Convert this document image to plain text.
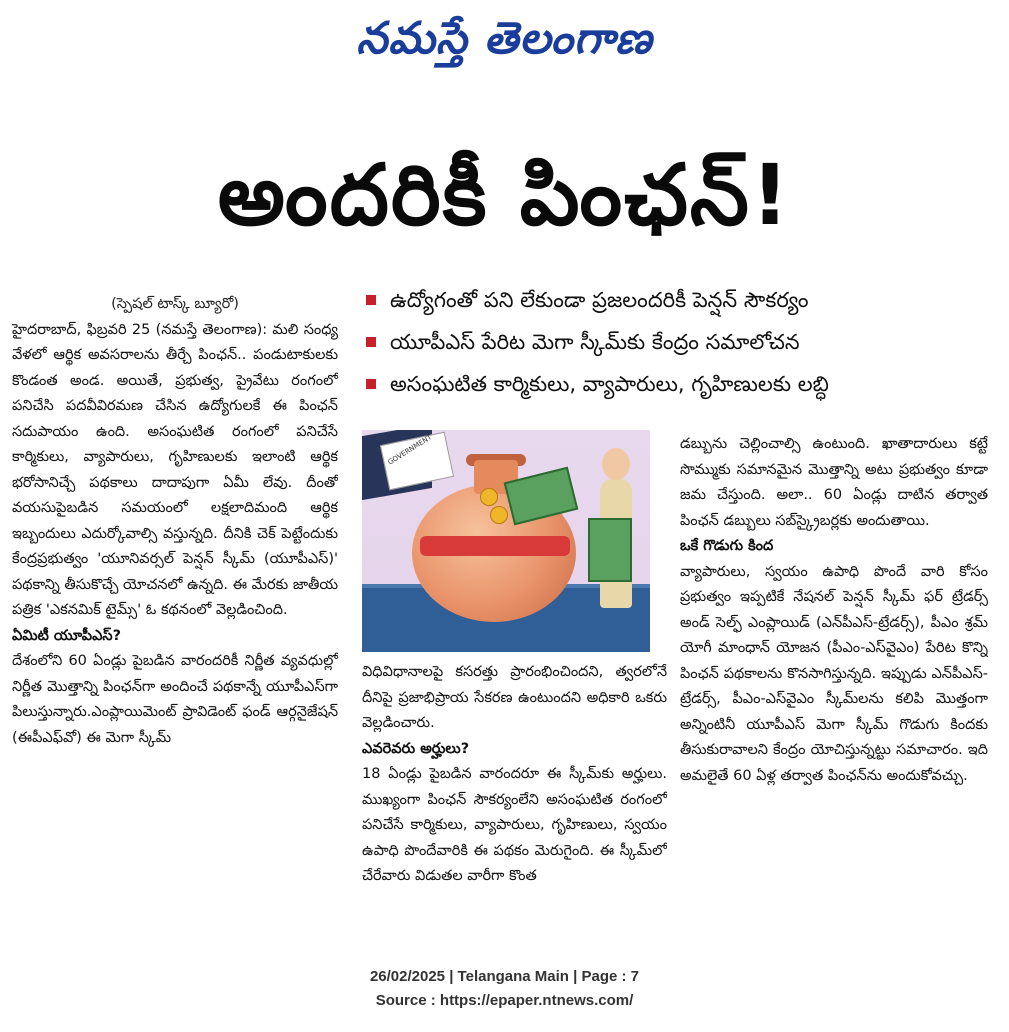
నమస్తే తెలంగాణ
అందరికీ పింఛన్!
ఉద్యోగంతో పని లేకుండా ప్రజలందరికీ పెన్షన్ సౌకర్యం
యూపీఎస్ పేరిట మెగా స్కీమ్‌కు కేంద్రం సమాలోచన
అసంఘటిత కార్మికులు, వ్యాపారులు, గృహిణులకు లబ్ధి

(స్పెషల్ టాస్క్ బ్యూరో)

హైదరాబాద్, ఫిబ్రవరి 25 (నమస్తే తెలంగాణ): మలి సంధ్య వేళలో ఆర్థిక అవసరాలను తీర్చే పింఛన్.. పండుటాకులకు కొండంత అండ. అయితే, ప్రభుత్వ, ప్రైవేటు రంగంలో పనిచేసి పదవీవిరమణ చేసిన ఉద్యోగులకే ఈ పింఛన్ సదుపాయం ఉంది. అసంఘటిత రంగంలో పనిచేసే కార్మికులు, వ్యాపారులు, గృహిణులకు ఇలాంటి ఆర్థిక భరోసానిచ్చే పథకాలు దాదాపుగా ఏమీ లేవు. దీంతో వయసుపైబడిన సమయంలో లక్షలాదిమంది ఆర్థిక ఇబ్బందులు ఎదుర్కోవాల్సి వస్తున్నది. దీనికి చెక్ పెట్టేందుకు కేంద్రప్రభుత్వం 'యూనివర్సల్ పెన్షన్ స్కీమ్ (యూపీఎస్)' పథకాన్ని తీసుకొచ్చే యోచనలో ఉన్నది. ఈ మేరకు జాతీయ పత్రిక 'ఎకనమిక్ టైమ్స్' ఓ కథనంలో వెల్లడించింది.

ఏమిటీ యూపీఎస్?

దేశంలోని 60 ఏండ్లు పైబడిన వారందరికీ నిర్ణీత వ్యవధుల్లో నిర్ణీత మొత్తాన్ని పింఛన్‌గా అందించే పథకాన్నే యూపీఎస్‌గా పిలుస్తున్నారు.ఎంప్లాయిమెంట్ ప్రావిడెంట్ ఫండ్ ఆర్గనైజేషన్ (ఈపీఎఫ్‌వో) ఈ మెగా స్కీమ్

GOVERNMENT

విధివిధానాలపై కసరత్తు ప్రారంభించిందని, త్వరలోనే దీనిపై ప్రజాభిప్రాయ సేకరణ ఉంటుందని అధికారి ఒకరు వెల్లడించారు.

ఎవరెవరు అర్హులు?

18 ఏండ్లు పైబడిన వారందరూ ఈ స్కీమ్‌కు అర్హులు. ముఖ్యంగా పింఛన్ సౌకర్యంలేని అసంఘటిత రంగంలో పనిచేసే కార్మికులు, వ్యాపారులు, గృహిణులు, స్వయం ఉపాధి పొందేవారికి ఈ పథకం మెరుగైంది. ఈ స్కీమ్‌లో చేరేవారు విడుతల వారీగా కొంత

డబ్బును చెల్లించాల్సి ఉంటుంది. ఖాతాదారులు కట్టే సొమ్ముకు సమానమైన మొత్తాన్ని అటు ప్రభుత్వం కూడా జమ చేస్తుంది. అలా.. 60 ఏండ్లు దాటిన తర్వాత పింఛన్ డబ్బులు సబ్‌స్క్రైబర్లకు అందుతాయి.

ఒకే గొడుగు కింద

వ్యాపారులు, స్వయం ఉపాధి పొందే వారి కోసం ప్రభుత్వం ఇప్పటికే నేషనల్ పెన్షన్ స్కీమ్ ఫర్ ట్రేడర్స్ అండ్ సెల్ఫ్ ఎంప్లాయిడ్ (ఎన్‌పీఎస్-ట్రేడర్స్), పీఎం శ్రమ్ యోగీ మాంధాన్ యోజన (పీఎం-ఎస్‌వైఎం) పేరిట కొన్ని పింఛన్ పథకాలను కొనసాగిస్తున్నది. ఇప్పుడు ఎన్‌పీఎస్-ట్రేడర్స్, పీఎం-ఎస్‌వైఎం స్కీమ్‌లను కలిపి మొత్తంగా అన్నింటినీ యూపీఎస్ మెగా స్కీమ్ గొడుగు కిందకు తీసుకురావాలని కేంద్రం యోచిస్తున్నట్టు సమాచారం. ఇది అమలైతే 60 ఏళ్ల తర్వాత పింఛన్‌ను అందుకోవచ్చు.

26/02/2025 | Telangana Main | Page : 7
Source : https://epaper.ntnews.com/
